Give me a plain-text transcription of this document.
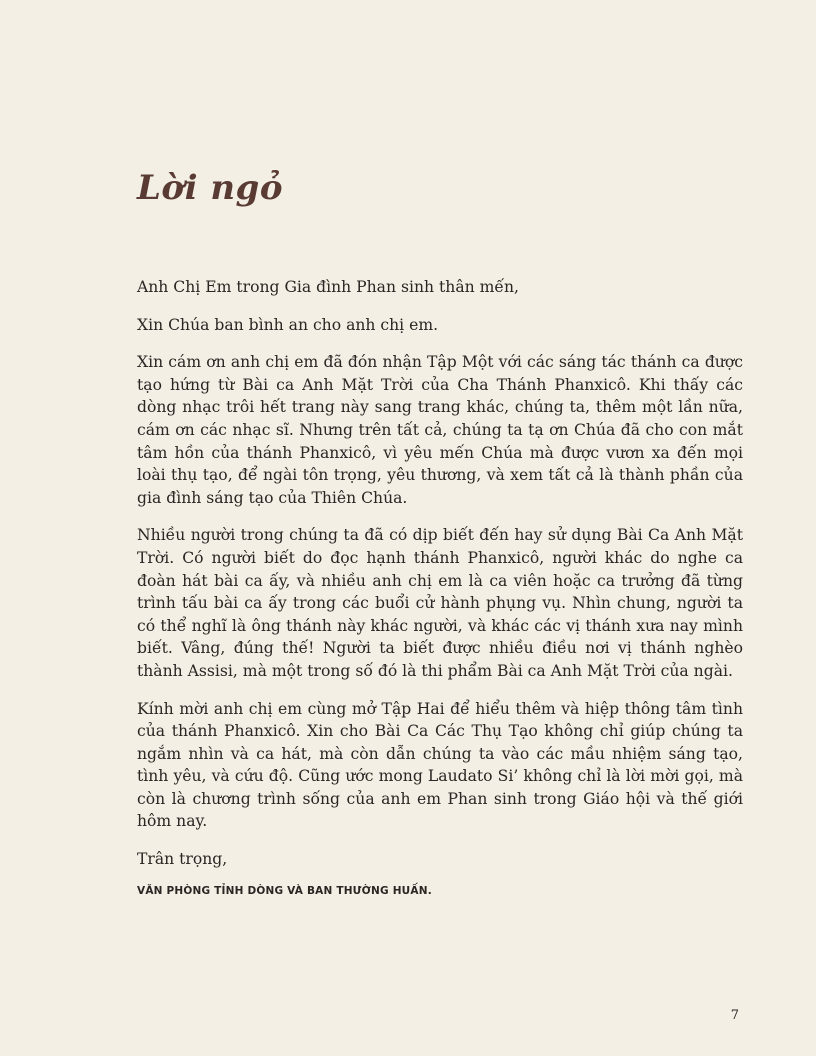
Lời ngỏ

Anh Chị Em trong Gia đình Phan sinh thân mến,

Xin Chúa ban bình an cho anh chị em.

Xin cám ơn anh chị em đã đón nhận Tập Một với các sáng tác thánh ca được tạo hứng từ Bài ca Anh Mặt Trời của Cha Thánh Phanxicô. Khi thấy các dòng nhạc trôi hết trang này sang trang khác, chúng ta, thêm một lần nữa, cám ơn các nhạc sĩ. Nhưng trên tất cả, chúng ta tạ ơn Chúa đã cho con mắt tâm hồn của thánh Phanxicô, vì yêu mến Chúa mà được vươn xa đến mọi loài thụ tạo, để ngài tôn trọng, yêu thương, và xem tất cả là thành phần của gia đình sáng tạo của Thiên Chúa.

Nhiều người trong chúng ta đã có dịp biết đến hay sử dụng Bài Ca Anh Mặt Trời. Có người biết do đọc hạnh thánh Phanxicô, người khác do nghe ca đoàn hát bài ca ấy, và nhiều anh chị em là ca viên hoặc ca trưởng đã từng trình tấu bài ca ấy trong các buổi cử hành phụng vụ. Nhìn chung, người ta có thể nghĩ là ông thánh này khác người, và khác các vị thánh xưa nay mình biết. Vâng, đúng thế! Người ta biết được nhiều điều nơi vị thánh nghèo thành Assisi, mà một trong số đó là thi phẩm Bài ca Anh Mặt Trời của ngài.

Kính mời anh chị em cùng mở Tập Hai để hiểu thêm và hiệp thông tâm tình của thánh Phanxicô. Xin cho Bài Ca Các Thụ Tạo không chỉ giúp chúng ta ngắm nhìn và ca hát, mà còn dẫn chúng ta vào các mầu nhiệm sáng tạo, tình yêu, và cứu độ. Cũng ước mong Laudato Si’ không chỉ là lời mời gọi, mà còn là chương trình sống của anh em Phan sinh trong Giáo hội và thế giới hôm nay.

Trân trọng,

VĂN PHÒNG TỈNH DÒNG VÀ BAN THƯỜNG HUẤN.

7
